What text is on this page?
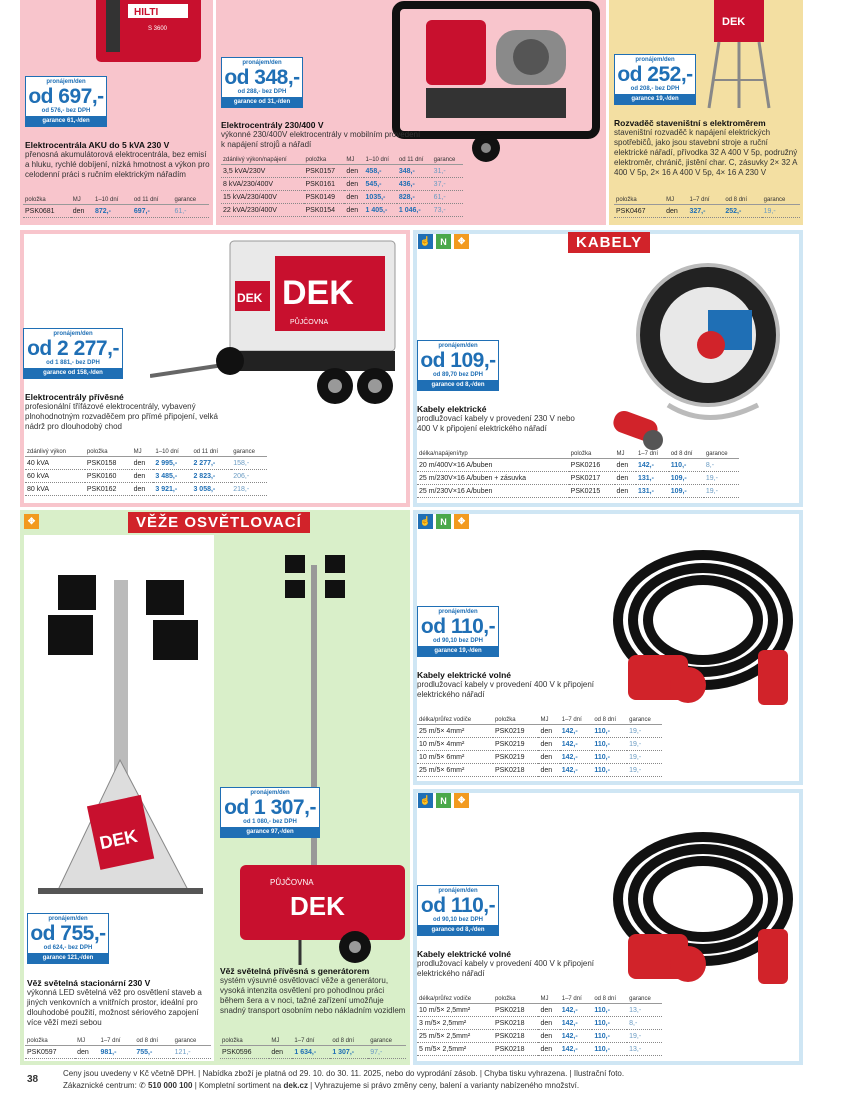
HILTI
S 3600
pronájem/den
od 697,-
od 576,- bez DPH
garance 61,-/den
Elektrocentrála AKU do 5 kVA 230 V
přenosná akumulátorová elektrocentrála, bez emisí a hluku, rychlé dobíjení, nízká hmotnost a výkon pro celodenní práci s ručním elektrickým nářadím
položka	MJ	1–10 dní	od 11 dní	garance
PSK0681	den	872,-	697,-	61,-
pronájem/den
od 348,-
od 288,- bez DPH
garance od 31,-/den
Elektrocentrály 230/400 V
výkonné 230/400V elektrocentrály v mobilním provedení k napájení strojů a nářadí
zdánlivý výkon/napájení	položka	MJ	1–10 dní	od 11 dní	garance
3,5 kVA/230V	PSK0157	den	458,-	348,-	31,-
8 kVA/230/400V	PSK0161	den	545,-	436,-	37,-
15 kVA/230/400V	PSK0149	den	1035,-	828,-	61,-
22 kVA/230/400V	PSK0154	den	1 405,-	1 046,-	73,-
DEK
pronájem/den
od 252,-
od 208,- bez DPH
garance 19,-/den
Rozvaděč staveništní s elektroměrem
staveništní rozvaděč k napájení elektrických spotřebičů, jako jsou stavební stroje a ruční elektrické nářadí, přívodka 32 A 400 V 5p, podružný elektroměr, chránič, jistění char. C, zásuvky 2× 32 A 400 V 5p, 2× 16 A 400 V 5p, 4× 16 A 230 V
položka	MJ	1–7 dní	od 8 dní	garance
PSK0467	den	327,-	252,-	19,-
DEK
DEK
PŮJČOVNA
pronájem/den
od 2 277,-
od 1 881,- bez DPH
garance od 158,-/den
Elektrocentrály přívěsné
profesionální třífázové elektrocentrály, vybavený plnohodnotným rozvaděčem pro přímé připojení, velká nádrž pro dlouhodobý chod
zdánlivý výkon	položka	MJ	1–10 dní	od 11 dní	garance
40 kVA	PSK0158	den	2 995,-	2 277,-	158,-
60 kVA	PSK0160	den	3 485,-	2 823,-	206,-
80 kVA	PSK0162	den	3 921,-	3 058,-	218,-
☝	N	✥	KABELY
pronájem/den
od 109,-
od 89,70 bez DPH
garance od 8,-/den
Kabely elektrické
prodlužovací kabely v provedení 230 V nebo 400 V k připojení elektrického nářadí
délka/napájení/typ	položka	MJ	1–7 dní	od 8 dní	garance
20 m/400V×16 A/buben	PSK0216	den	142,-	110,-	8,-
25 m/230V×16 A/buben + zásuvka	PSK0217	den	131,-	109,-	19,-
25 m/230V×16 A/buben	PSK0215	den	131,-	109,-	19,-
✥	VĚŽE OSVĚTLOVACÍ
DEK
pronájem/den
od 755,-
od 624,- bez DPH
garance 121,-/den
Věž světelná stacionární 230 V
výkonná LED světelná věž pro osvětlení staveb a jiných venkovních a vnitřních prostor, ideální pro dlouhodobé použití, možnost sériového zapojení více věží mezi sebou
položka	MJ	1–7 dní	od 8 dní	garance
PSK0597	den	981,-	755,-	121,-
DEK
PŮJČOVNA
pronájem/den
od 1 307,-
od 1 080,- bez DPH
garance 97,-/den
Věž světelná přívěsná s generátorem
systém výsuvné osvětlovací věže a generátoru, vysoká intenzita osvětlení pro pohodlnou práci během šera a v noci, tažné zařízení umožňuje snadný transport osobním nebo nákladním vozidlem
položka	MJ	1–7 dní	od 8 dní	garance
PSK0596	den	1 634,-	1 307,-	97,-
☝	N	✥
pronájem/den
od 110,-
od 90,10 bez DPH
garance 19,-/den
Kabely elektrické volné
prodlužovací kabely v provedení 400 V k připojení elektrického nářadí
délka/průřez vodiče	položka	MJ	1–7 dní	od 8 dní	garance
25 m/5× 4mm²	PSK0219	den	142,-	110,-	19,-
10 m/5× 4mm²	PSK0219	den	142,-	110,-	19,-
10 m/5× 6mm²	PSK0219	den	142,-	110,-	19,-
25 m/5× 6mm²	PSK0218	den	142,-	110,-	19,-
☝	N	✥
pronájem/den
od 110,-
od 90,10 bez DPH
garance od 8,-/den
Kabely elektrické volné
prodlužovací kabely v provedení 400 V k připojení elektrického nářadí
délka/průřez vodiče	položka	MJ	1–7 dní	od 8 dní	garance
10 m/5× 2,5mm²	PSK0218	den	142,-	110,-	13,-
3 m/5× 2,5mm²	PSK0218	den	142,-	110,-	8,-
25 m/5× 2,5mm²	PSK0218	den	142,-	110,-	19,-
5 m/5× 2,5mm²	PSK0218	den	142,-	110,-	13,-
38
Ceny jsou uvedeny v Kč včetně DPH. | Nabídka zboží je platná od 29. 10. do 30. 11. 2025, nebo do vyprodání zásob. | Chyba tisku vyhrazena. | Ilustrační foto.
Zákaznické centrum: ✆ 510 000 100 | Kompletní sortiment na dek.cz | Vyhrazujeme si právo změny ceny, balení a varianty nabízeného množství.
